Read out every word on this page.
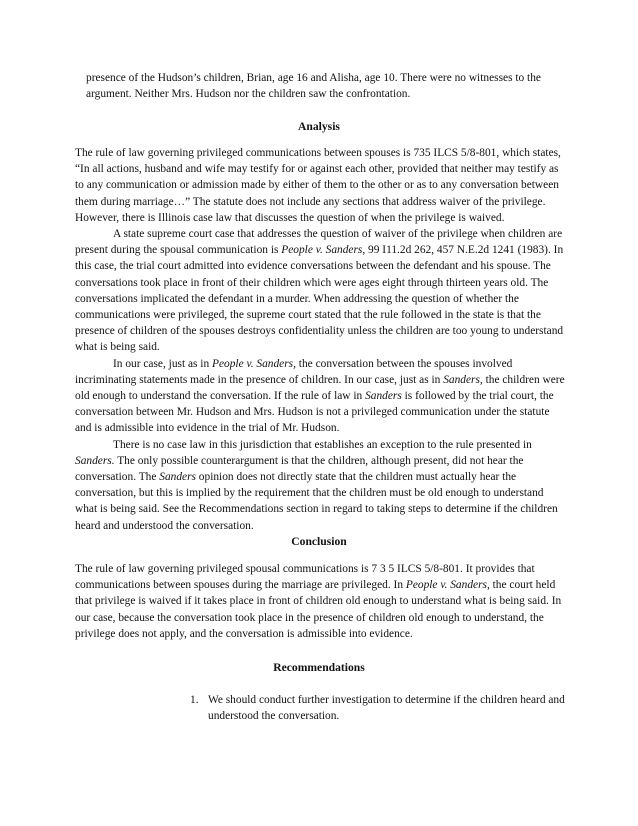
presence of the Hudson’s children, Brian, age 16 and Alisha, age 10. There were no witnesses to the argument. Neither Mrs. Hudson nor the children saw the confrontation.

Analysis

The rule of law governing privileged communications between spouses is 735 ILCS 5/8-801, which states, “In all actions, husband and wife may testify for or against each other, provided that neither may testify as to any communication or admission made by either of them to the other or as to any conversation between them during marriage…” The statute does not include any sections that address waiver of the privilege. However, there is Illinois case law that discusses the question of when the privilege is waived.

A state supreme court case that addresses the question of waiver of the privilege when children are present during the spousal communication is People v. Sanders, 99 I11.2d 262, 457 N.E.2d 1241 (1983). In this case, the trial court admitted into evidence conversations between the defendant and his spouse. The conversations took place in front of their children which were ages eight through thirteen years old. The conversations implicated the defendant in a murder. When addressing the question of whether the communications were privileged, the supreme court stated that the rule followed in the state is that the presence of children of the spouses destroys confidentiality unless the children are too young to understand what is being said.

In our case, just as in People v. Sanders, the conversation between the spouses involved incriminating statements made in the presence of children. In our case, just as in Sanders, the children were old enough to understand the conversation. If the rule of law in Sanders is followed by the trial court, the conversation between Mr. Hudson and Mrs. Hudson is not a privileged communication under the statute and is admissible into evidence in the trial of Mr. Hudson.

There is no case law in this jurisdiction that establishes an exception to the rule presented in Sanders. The only possible counterargument is that the children, although present, did not hear the conversation. The Sanders opinion does not directly state that the children must actually hear the conversation, but this is implied by the requirement that the children must be old enough to understand what is being said. See the Recommendations section in regard to taking steps to determine if the children heard and understood the conversation.

Conclusion

The rule of law governing privileged spousal communications is 7 3 5 ILCS 5/8-801. It provides that communications between spouses during the marriage are privileged. In People v. Sanders, the court held that privilege is waived if it takes place in front of children old enough to understand what is being said. In our case, because the conversation took place in the presence of children old enough to understand, the privilege does not apply, and the conversation is admissible into evidence.

Recommendations
1. We should conduct further investigation to determine if the children heard and understood the conversation.
